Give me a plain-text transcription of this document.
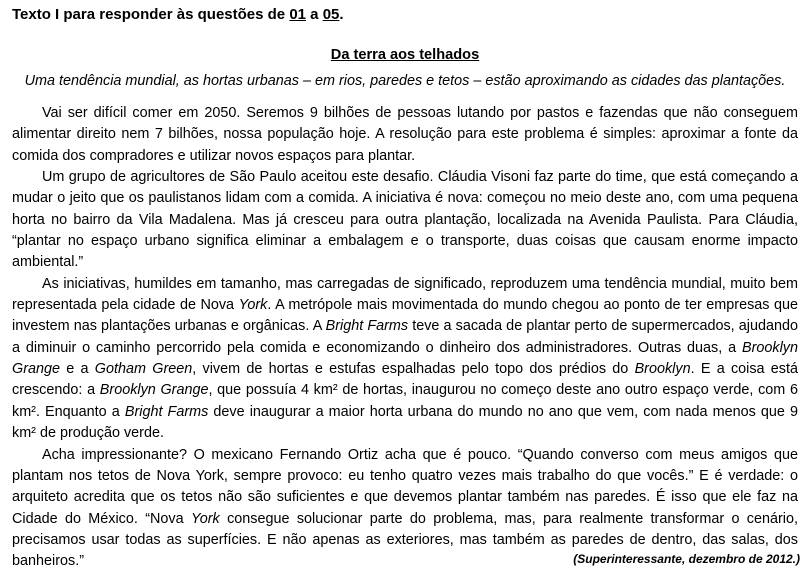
Texto I para responder às questões de 01 a 05.
Da terra aos telhados
Uma tendência mundial, as hortas urbanas – em rios, paredes e tetos – estão aproximando as cidades das plantações.

Vai ser difícil comer em 2050. Seremos 9 bilhões de pessoas lutando por pastos e fazendas que não conseguem alimentar direito nem 7 bilhões, nossa população hoje. A resolução para este problema é simples: aproximar a fonte da comida dos compradores e utilizar novos espaços para plantar.

Um grupo de agricultores de São Paulo aceitou este desafio. Cláudia Visoni faz parte do time, que está começando a mudar o jeito que os paulistanos lidam com a comida. A iniciativa é nova: começou no meio deste ano, com uma pequena horta no bairro da Vila Madalena. Mas já cresceu para outra plantação, localizada na Avenida Paulista. Para Cláudia, “plantar no espaço urbano significa eliminar a embalagem e o transporte, duas coisas que causam enorme impacto ambiental.”

As iniciativas, humildes em tamanho, mas carregadas de significado, reproduzem uma tendência mundial, muito bem representada pela cidade de Nova York. A metrópole mais movimentada do mundo chegou ao ponto de ter empresas que investem nas plantações urbanas e orgânicas. A Bright Farms teve a sacada de plantar perto de supermercados, ajudando a diminuir o caminho percorrido pela comida e economizando o dinheiro dos administradores. Outras duas, a Brooklyn Grange e a Gotham Green, vivem de hortas e estufas espalhadas pelo topo dos prédios do Brooklyn. E a coisa está crescendo: a Brooklyn Grange, que possuía 4 km² de hortas, inaugurou no começo deste ano outro espaço verde, com 6 km². Enquanto a Bright Farms deve inaugurar a maior horta urbana do mundo no ano que vem, com nada menos que 9 km² de produção verde.

Acha impressionante? O mexicano Fernando Ortiz acha que é pouco. “Quando converso com meus amigos que plantam nos tetos de Nova York, sempre provoco: eu tenho quatro vezes mais trabalho do que vocês.” E é verdade: o arquiteto acredita que os tetos não são suficientes e que devemos plantar também nas paredes. É isso que ele faz na Cidade do México. “Nova York consegue solucionar parte do problema, mas, para realmente transformar o cenário, precisamos usar todas as superfícies. E não apenas as exteriores, mas também as paredes de dentro, das salas, dos banheiros.”	(Superinteressante, dezembro de 2012.)
